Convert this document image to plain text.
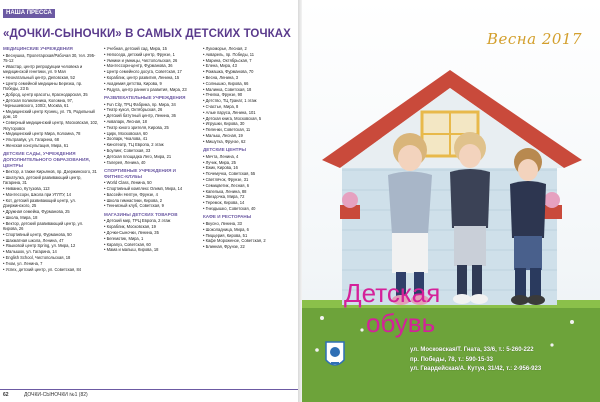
НАША ПРЕССА
«ДОЧКИ-СЫНОЧКИ» В САМЫХ ДЕТСКИХ ТОЧКАХ
МЕДИЦИНСКИЕ УЧРЕЖДЕНИЯ
• Веснушка, Пролетарская/Рабочая 30, тел. 295-75-12
• Ивастар, центр репродукции человека и медицинской генетики, ул. 9 Мая
• Неонатальный центр, Деповская, 52
• Центр семейной медицины Березка, пр. Победы, 23 Б
• Доброд, центр красоты, Краснодарская, 35
• Детская поликлиника, Коломна, 97, Чернышевского, 100/2, Москва, 61
• Медицинский центр Кузнец, ул. 75, Родильный дом, 10
• Северный медицинский центр, Московская, 102, Ялуторовск
• Медицинский центр Мира, Коломна, 78
• Ультразвук, ул. Гагарина, 68
• Женская консультация, Мира, 61
ДЕТСКИЕ САДЫ, УЧРЕЖДЕНИЯ ДОПОЛНИТЕЛЬНОГО ОБРАЗОВАНИЯ, ЦЕНТРЫ
• Вектор, а также Кирьянов, пр. Дзержинского, 31
• Шкатулка, детский развивающий центр, Гагарина, 31
• Ниванко, Кутузова, 113
• Монтессори, Школа при УГЛТУ, 14
• Кот, детский развивающий центр, ул. Дзержинского, 25
• Дружная семейка, Фурманова, 25
• Школа, Мира, 18
• Вектор, детский развивающий центр, ул. Кирова, 26
• Спортивный центр, Фурманова, 50
• Шахматная школа, Ленина, 47
• Языковой центр Spring, ул. Мира, 12
• Малышок, ул. Гагарина, 14
• English School, Чистопольская, 18
• Гном, ул. Ленина, 7
• Успех, детский центр, ул. Советская, 84
• Учебная, детский сад, Мира, 15
• Непоседа, детский центр, Фрунзе, 1
• Умники и умницы, Чистопольская, 26
• Монтессори-центр, Фурманова, 36
• Центр семейного досуга, Советская, 17
• Кораблик, центр развития, Ленина, 15
• Академия детства, Кирова, 9
• Радуга, центр раннего развития, Мира, 23
РАЗВЛЕКАТЕЛЬНЫЕ УЧРЕЖДЕНИЯ
• Fun City, ТРЦ Фабрика, пр. Мира, 34
• Театр кукол, Октябрьская, 26
• Детский батутный центр, Ленина, 36
• Аквапарк, Лесная, 18
• Театр юного зрителя, Кирова, 25
• Цирк, Московская, 60
• Зоопарк, Чкалова, 41
• Кинотеатр, ТЦ Европа, 2 этаж
• Боулинг, Советская, 33
• Детская площадка Лего, Мира, 21
• Галерея, Ленина, 40
СПОРТИВНЫЕ УЧРЕЖДЕНИЯ И ФИТНЕС-КЛУБЫ
• World Class, Ленина, 50
• Спортивный комплекс Олимп, Мира, 14
• Бассейн Нептун, Фрунзе, 4
• Школа гимнастики, Кирова, 2
• Теннисный клуб, Советская, 9
МАГАЗИНЫ ДЕТСКИХ ТОВАРОВ
• Детский мир, ТРЦ Европа, 2 этаж
• Кораблик, Московская, 19
• Дочки-Сыночки, Ленина, 35
• Бегемотик, Мира, 1
• Карапуз, Советская, 60
• Мама и малыш, Кирова, 18
• Лукоморье, Лесная, 2
• Акварель, пр. Победы, 11
• Марина, Октябрьская, 7
• Елена, Мира, 43
• Ромашка, Фурманова, 70
• Весна, Ленина, 3
• Солнышко, Кирова, 66
• Малинка, Советская, 18
• Пчелка, Фрунзе, 90
• Детство, ТЦ Гранат, 1 этаж
• Счастье, Мира, 8
• Алые паруса, Ленина, 101
• Детская книга, Московская, 5
• Игрушки, Кирова, 30
• Пеленки, Советская, 11
• Малыш, Лесная, 19
• Мишутка, Фрунзе, 62
ДЕТСКИЕ ЦЕНТРЫ
• Мечта, Ленина, 4
• Лучик, Мира, 25
• Ежик, Кирова, 16
• Почемучка, Советская, 55
• Светлячок, Фрунзе, 31
• Семицветик, Лесная, 6
• Капелька, Ленина, 88
• Звездочка, Мира, 72
• Теремок, Кирова, 14
• Гнездышко, Советская, 40
КАФЕ И РЕСТОРАНЫ
• Вкусно, Ленина, 33
• Шоколадница, Мира, 6
• Пиццерия, Кирова, 51
• Кафе Мороженое, Советская, 2
• Блинная, Фрунзе, 22
62	ДОЧКИ-СЫНОЧКИ №1 (82)
Весна 2017
Детская
обувь
ул. Московская/Т. Гната, 33/6, т.: 5-260-222
пр. Победы, 78, т.: 590-15-33
ул. Гвардейская/А. Кутуя, 31/42, т.: 2-956-923
